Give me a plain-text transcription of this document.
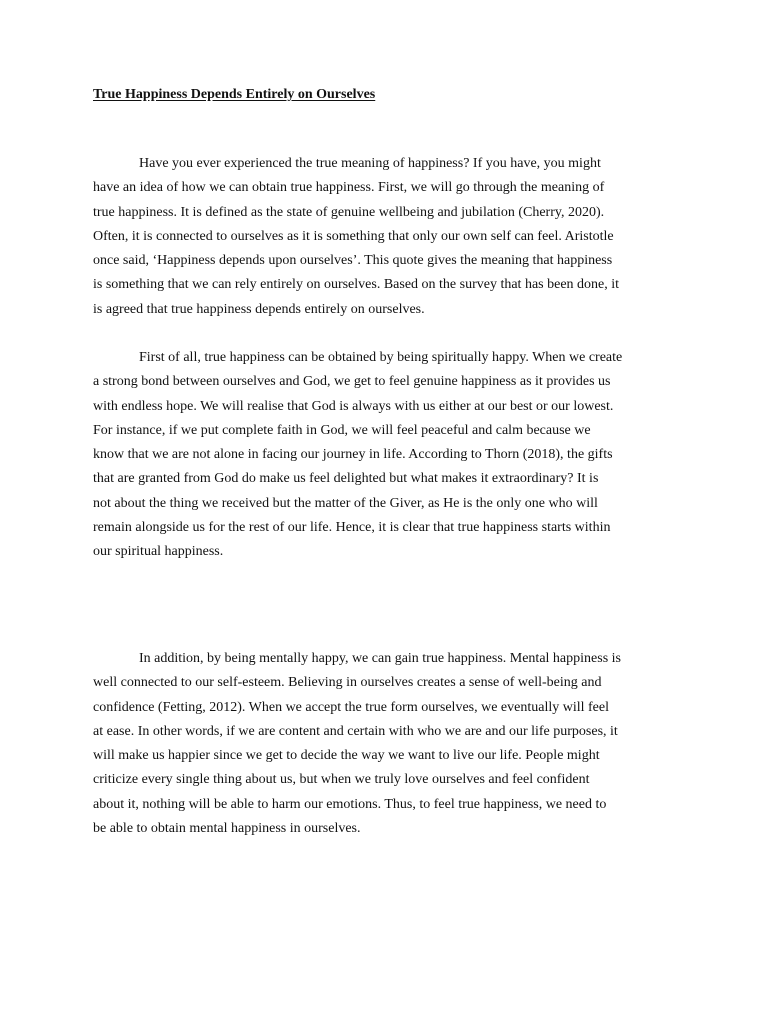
True Happiness Depends Entirely on Ourselves

Have you ever experienced the true meaning of happiness? If you have, you might
have an idea of how we can obtain true happiness. First, we will go through the meaning of
true happiness. It is defined as the state of genuine wellbeing and jubilation (Cherry, 2020).
Often, it is connected to ourselves as it is something that only our own self can feel. Aristotle
once said, ‘Happiness depends upon ourselves’. This quote gives the meaning that happiness
is something that we can rely entirely on ourselves. Based on the survey that has been done, it
is agreed that true happiness depends entirely on ourselves.

First of all, true happiness can be obtained by being spiritually happy. When we create
a strong bond between ourselves and God, we get to feel genuine happiness as it provides us
with endless hope. We will realise that God is always with us either at our best or our lowest.
For instance, if we put complete faith in God, we will feel peaceful and calm because we
know that we are not alone in facing our journey in life. According to Thorn (2018), the gifts
that are granted from God do make us feel delighted but what makes it extraordinary? It is
not about the thing we received but the matter of the Giver, as He is the only one who will
remain alongside us for the rest of our life. Hence, it is clear that true happiness starts within
our spiritual happiness.

In addition, by being mentally happy, we can gain true happiness. Mental happiness is
well connected to our self-esteem. Believing in ourselves creates a sense of well-being and
confidence (Fetting, 2012). When we accept the true form ourselves, we eventually will feel
at ease. In other words, if we are content and certain with who we are and our life purposes, it
will make us happier since we get to decide the way we want to live our life. People might
criticize every single thing about us, but when we truly love ourselves and feel confident
about it, nothing will be able to harm our emotions. Thus, to feel true happiness, we need to
be able to obtain mental happiness in ourselves.
